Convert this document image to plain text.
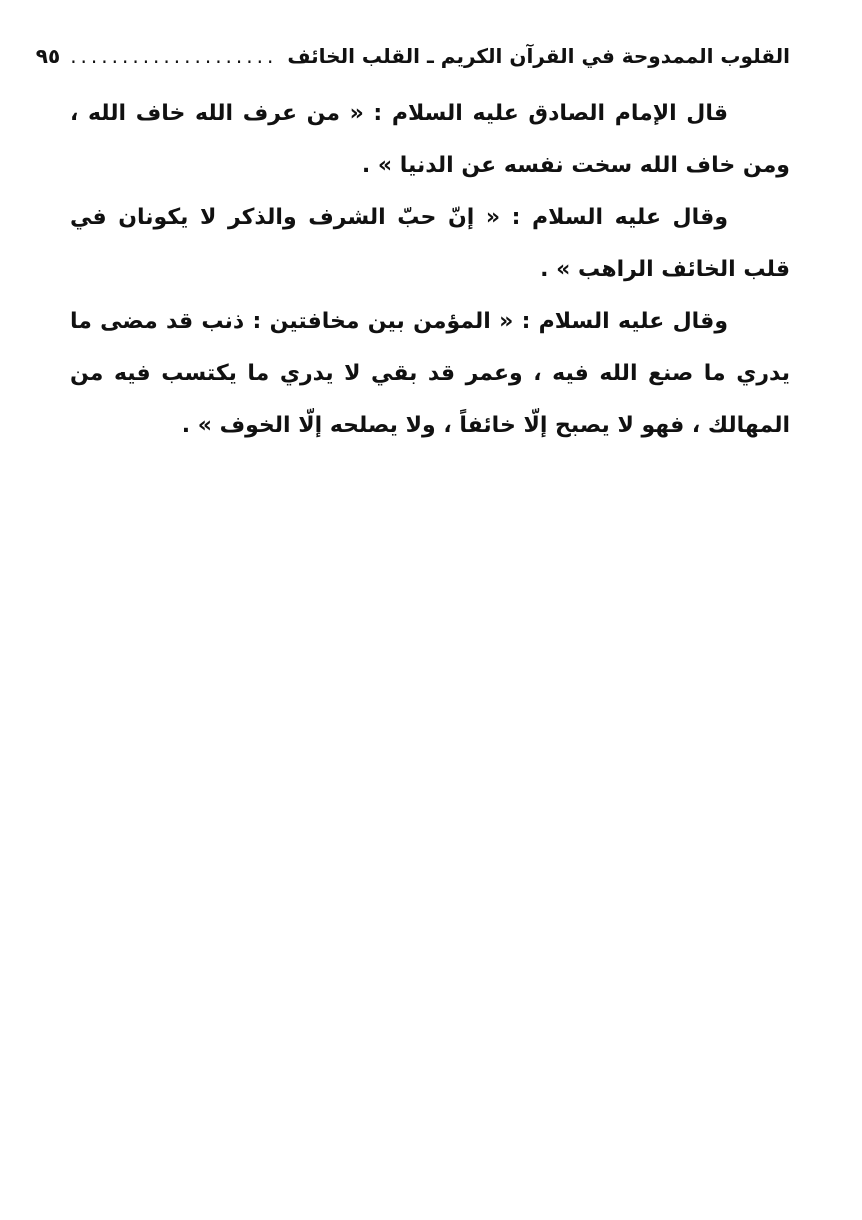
القلوب الممدوحة في القرآن الكريم ـ القلب الخائف
....................
٩٥

قال الإمام الصادق عليه السلام : « من عرف الله خاف الله ، ومن خاف الله سخت نفسه عن الدنيا » .

وقال عليه السلام : « إنّ حبّ الشرف والذكر لا يكونان في قلب الخائف الراهب » .

وقال عليه السلام : « المؤمن بين مخافتين : ذنب قد مضى ما يدري ما صنع الله فيه ، وعمر قد بقي لا يدري ما يكتسب فيه من المهالك ، فهو لا يصبح إلّا خائفاً ، ولا يصلحه إلّا الخوف » .
